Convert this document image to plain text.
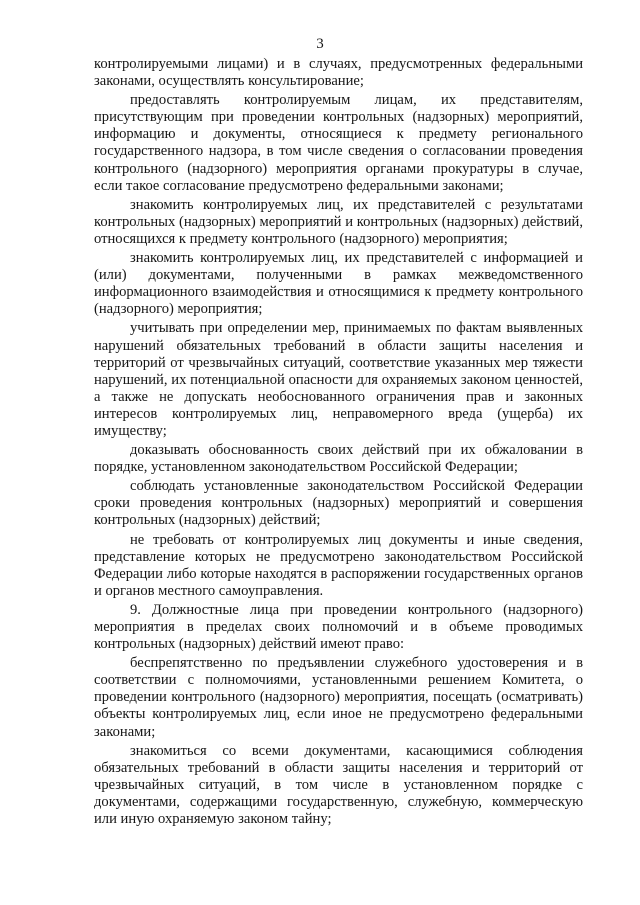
3

контролируемыми лицами) и в случаях, предусмотренных федеральными законами, осуществлять консультирование;

предоставлять контролируемым лицам, их представителям, присутствующим при проведении контрольных (надзорных) мероприятий, информацию и документы, относящиеся к предмету регионального государственного надзора, в том числе сведения о согласовании проведения контрольного (надзорного) мероприятия органами прокуратуры в случае, если такое согласование предусмотрено федеральными законами;

знакомить контролируемых лиц, их представителей с результатами контрольных (надзорных) мероприятий и контрольных (надзорных) действий, относящихся к предмету контрольного (надзорного) мероприятия;

знакомить контролируемых лиц, их представителей с информацией и (или) документами, полученными в рамках межведомственного информационного взаимодействия и относящимися к предмету контрольного (надзорного) мероприятия;

учитывать при определении мер, принимаемых по фактам выявленных нарушений обязательных требований в области защиты населения и территорий от чрезвычайных ситуаций, соответствие указанных мер тяжести нарушений, их потенциальной опасности для охраняемых законом ценностей, а также не допускать необоснованного ограничения прав и законных интересов контролируемых лиц, неправомерного вреда (ущерба) их имуществу;

доказывать обоснованность своих действий при их обжаловании в порядке, установленном законодательством Российской Федерации;

соблюдать установленные законодательством Российской Федерации сроки проведения контрольных (надзорных) мероприятий и совершения контрольных (надзорных) действий;

не требовать от контролируемых лиц документы и иные сведения, представление которых не предусмотрено законодательством Российской Федерации либо которые находятся в распоряжении государственных органов и органов местного самоуправления.

9. Должностные лица при проведении контрольного (надзорного) мероприятия в пределах своих полномочий и в объеме проводимых контрольных (надзорных) действий имеют право:

беспрепятственно по предъявлении служебного удостоверения и в соответствии с полномочиями, установленными решением Комитета, о проведении контрольного (надзорного) мероприятия, посещать (осматривать) объекты контролируемых лиц, если иное не предусмотрено федеральными законами;

знакомиться со всеми документами, касающимися соблюдения обязательных требований в области защиты населения и территорий от чрезвычайных ситуаций, в том числе в установленном порядке с документами, содержащими государственную, служебную, коммерческую или иную охраняемую законом тайну;
